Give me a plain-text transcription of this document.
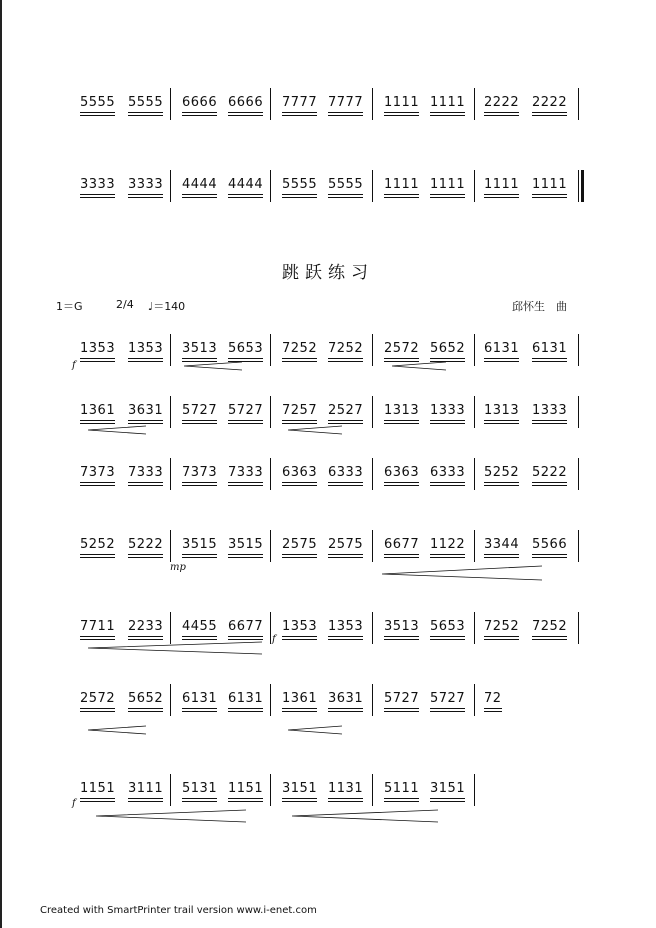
跳跃练习
1＝G	2/4 ♩＝140	邱怀生　曲
5555 5555 6666 6666 7777 7777 1111 1111 2222 2222
3333 3333 4444 4444 5555 5555 1111 1111 1111 1111
1353 1353 3513 5653 7252 7252 2572 5652 6131 6131
1361 3631 5727 5727 7257 2527 1313 1333 1313 1333
7373 7333 7373 7333 6363 6333 6363 6333 5252 5222
5252 5222 3515 3515 2575 2575 6677 1122 3344 5566
7711 2233 4455 6677 1353 1353 3513 5653 7252 7252
2572 5652 6131 6131 1361 3631 5727 5727 72
1151 3111 5131 1151 3151 1131 5111 3151
f
mp
f
f
Created with SmartPrinter trail version www.i-enet.com
